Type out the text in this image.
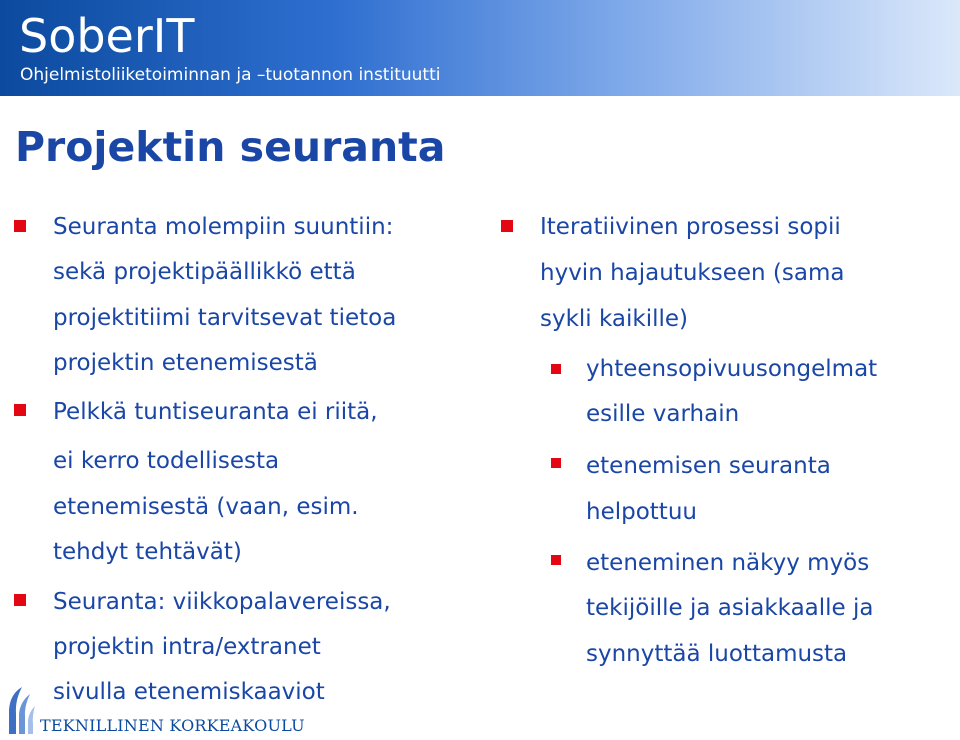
SoberIT
Ohjelmistoliiketoiminnan ja –tuotannon instituutti
Projektin seuranta
Seuranta molempiin suuntiin:
sekä projektipäällikkö että
projektitiimi tarvitsevat tietoa
projektin etenemisestä
Pelkkä tuntiseuranta ei riitä,
ei kerro todellisesta
etenemisestä (vaan, esim.
tehdyt tehtävät)
Seuranta: viikkopalavereissa,
projektin intra/extranet
sivulla etenemiskaaviot
Iteratiivinen prosessi sopii
hyvin hajautukseen (sama
sykli kaikille)
yhteensopivuusongelmat
esille varhain
etenemisen seuranta
helpottuu
eteneminen näkyy myös
tekijöille ja asiakkaalle ja
synnyttää luottamusta
TEKNILLINEN KORKEAKOULU
